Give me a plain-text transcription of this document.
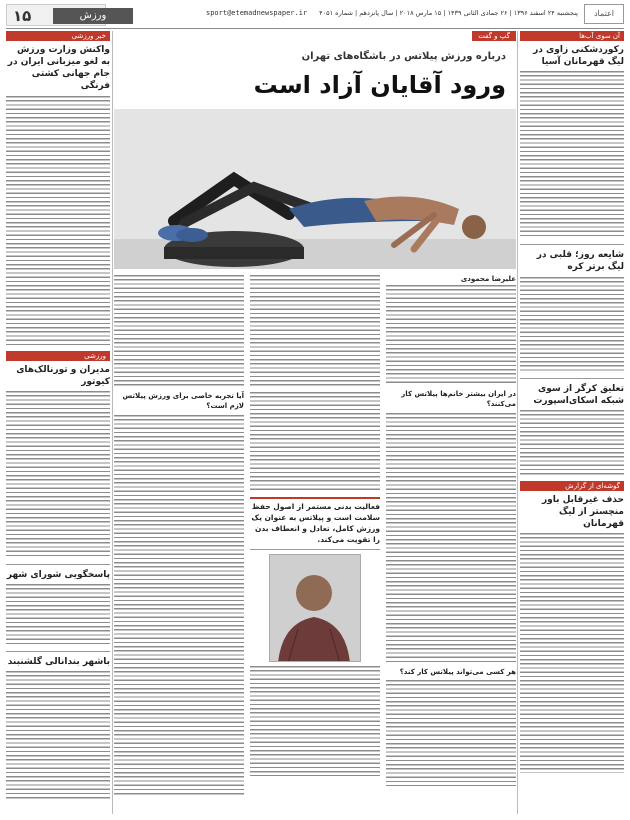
۱۵	ورزش	sport@etemadnewspaper.ir پنجشنبه ۲۴ اسفند ۱۳۹۶ | ۲۶ جمادی الثانی ۱۴۳۹ | ۱۵ مارس ۲۰۱۸ | سال پانزدهم | شماره ۴۰۵۱	اعتماد
آن سوی آب‌ها
رکورد‌شکنی زاوی در لیگ قهرمانان آسیا
شایعه روز؛ قلبی در لیگ برتر کره
تعلیق کرگر از سوی شبکه اسکای‌اسپورت
گوشه‌ای از گزارش
حذف غیرقابل باور منچستر از لیگ قهرمانان
خبر ورزشی
واکنش وزارت ورزش به لغو میزبانی ایران در جام جهانی کشتی فرنگی
ورزشی
مدیران و تورنالک‌های کیوتور
پاسخگویی شورای شهر
باشهر بندانالی گلشنبند
گپ و گفت
درباره ورزش پیلاتس در باشگاه‌های تهران
ورود آقایان آزاد است
علیرضا محمودی
در ایران بیشتر خانم‌ها پیلاتس کار می‌کنند؟
هر کسی می‌تواند پیلاتس کار کند؟
فعالیت بدنی مستمر از اصول حفظ سلامت است و پیلاتس به عنوان یک ورزش کامل، تعادل و انعطاف بدن را تقویت می‌کند.
آیا تجربه خاصی برای ورزش پیلاتس لازم است؟
